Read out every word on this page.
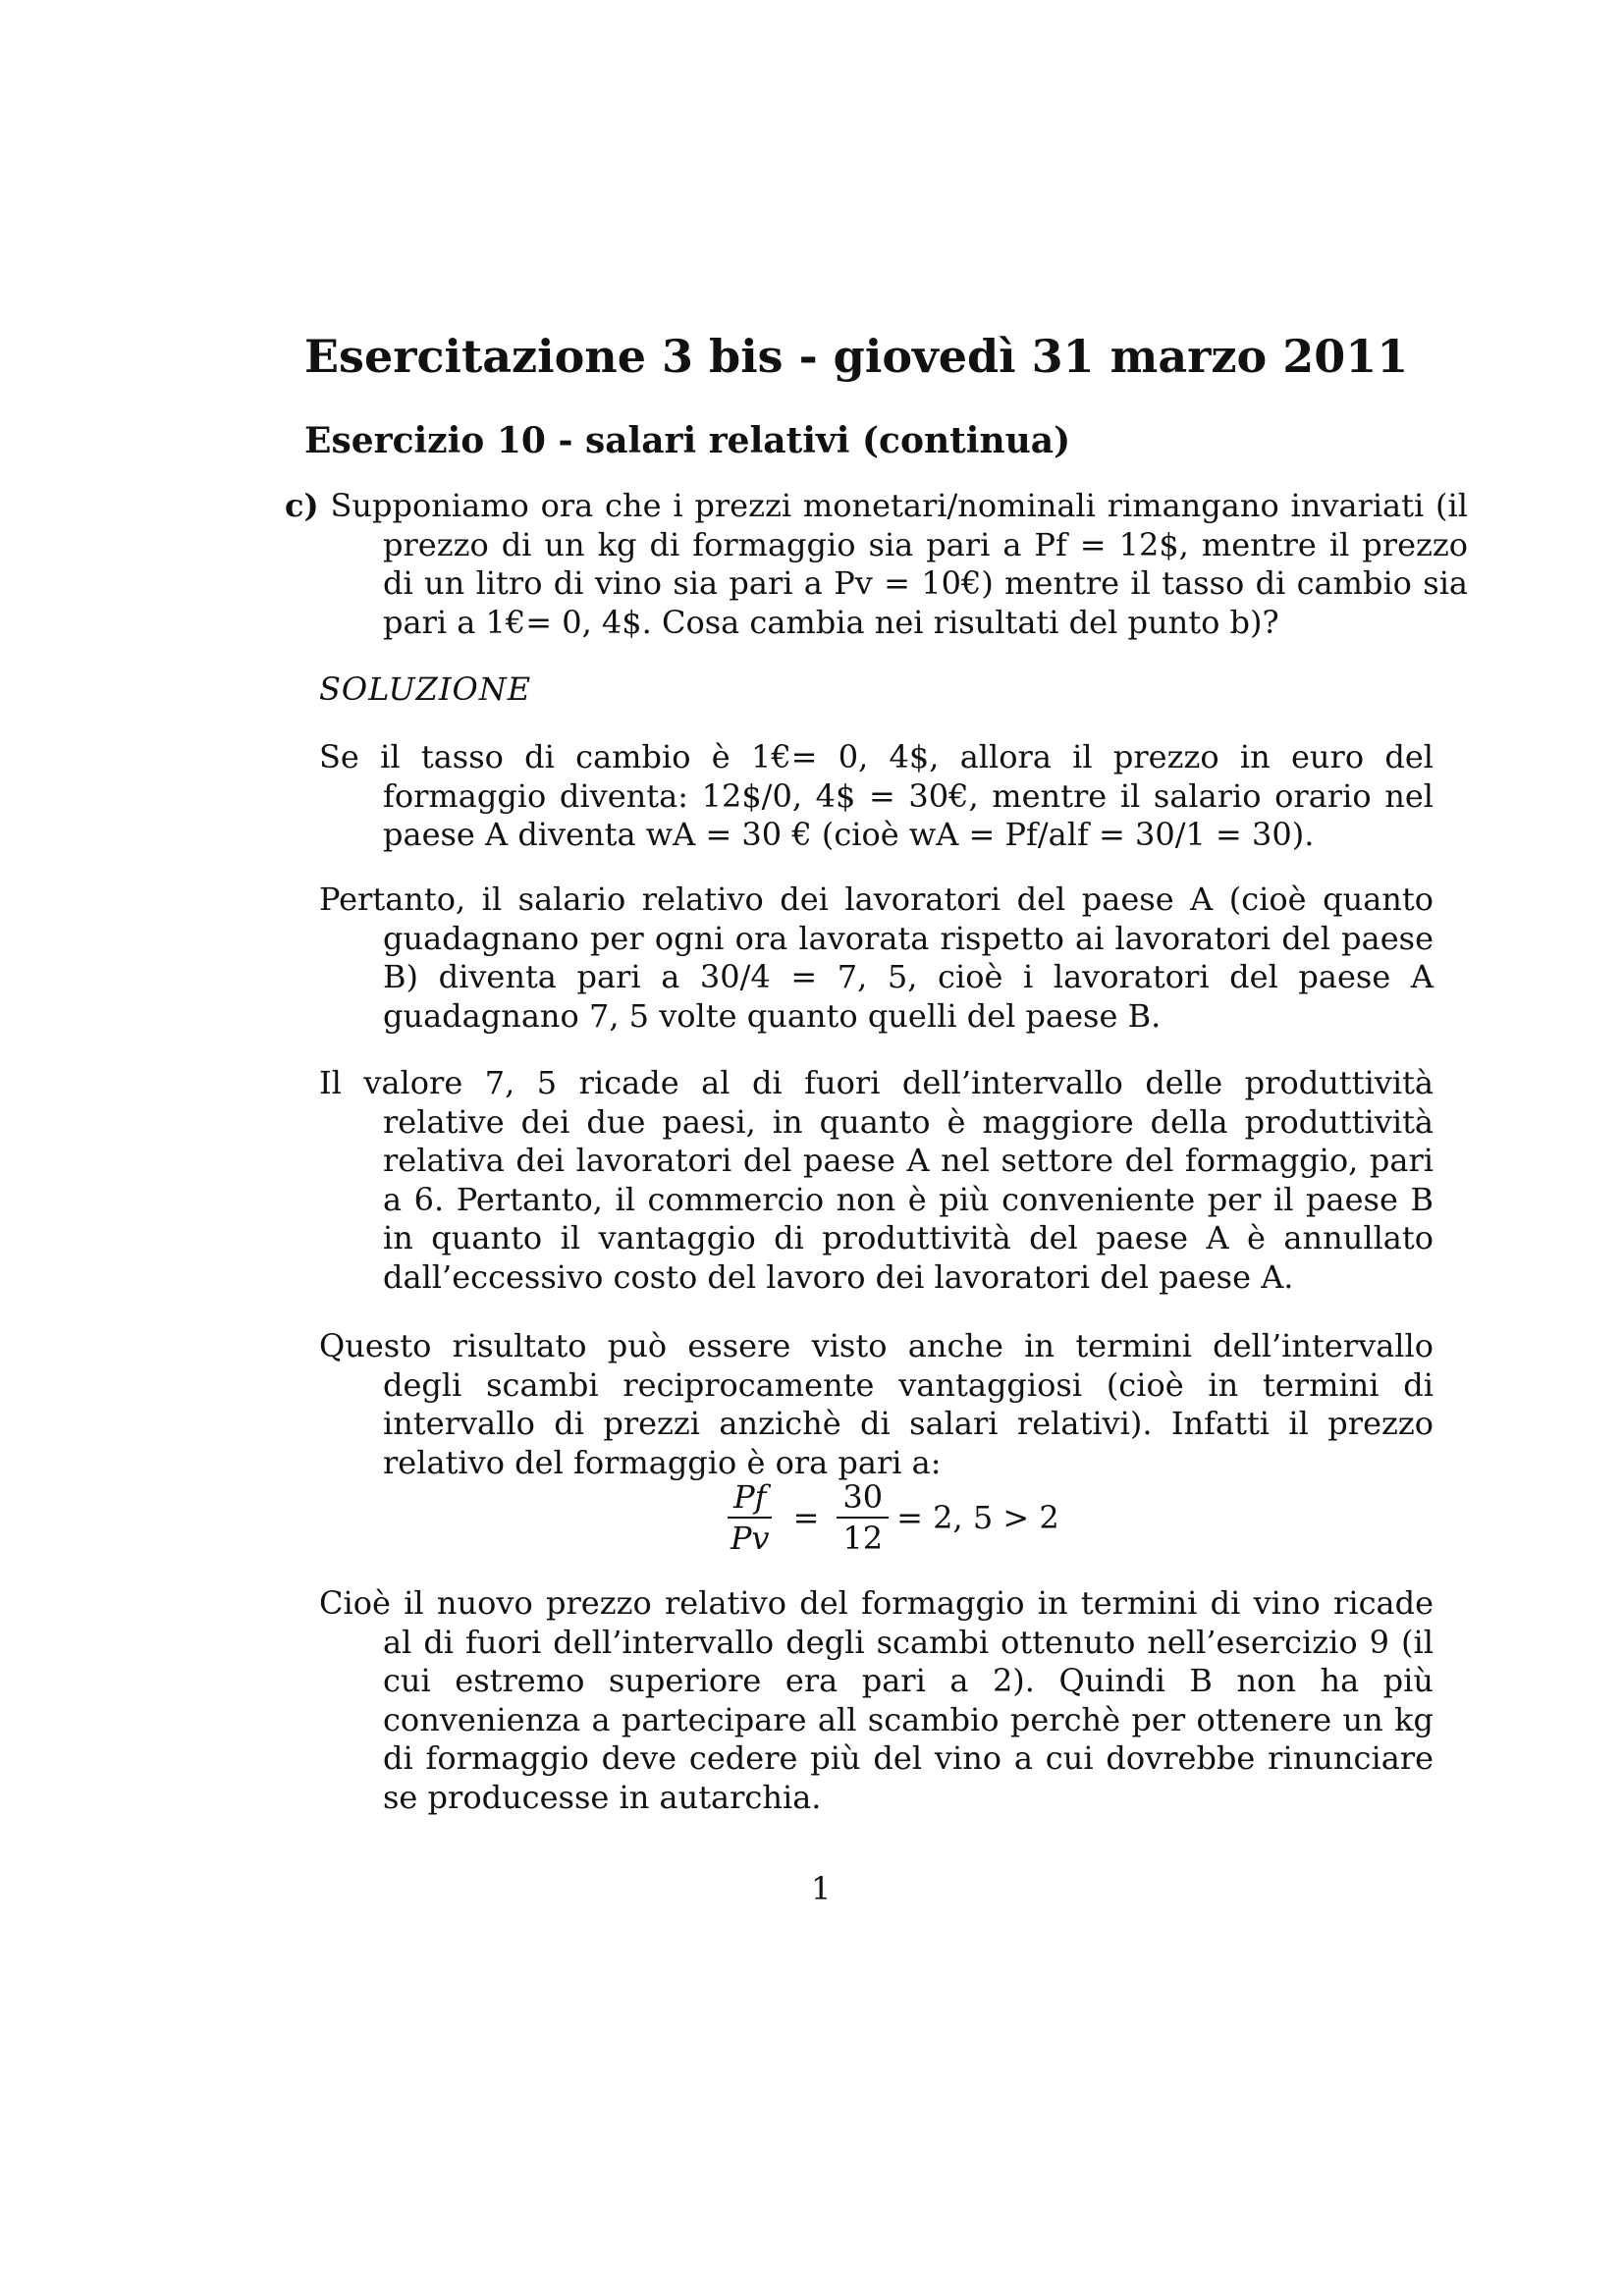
Esercitazione 3 bis - giovedì 31 marzo 2011
Esercizio 10 - salari relativi (continua)
c) Supponiamo ora che i prezzi monetari/nominali rimangano invariati (il prezzo di un kg di formaggio sia pari a Pf = 12$, mentre il prezzo di un litro di vino sia pari a Pv = 10€) mentre il tasso di cambio sia pari a 1€= 0, 4$. Cosa cambia nei risultati del punto b)?
SOLUZIONE
Se il tasso di cambio è 1€= 0, 4$, allora il prezzo in euro del formaggio diventa: 12$/0, 4$ = 30€, mentre il salario orario nel paese A diventa wA = 30 € (cioè wA = Pf/alf = 30/1 = 30).
Pertanto, il salario relativo dei lavoratori del paese A (cioè quanto guadagnano per ogni ora lavorata rispetto ai lavoratori del paese B) diventa pari a 30/4 = 7, 5, cioè i lavoratori del paese A guadagnano 7, 5 volte quanto quelli del paese B.
Il valore 7, 5 ricade al di fuori dell’intervallo delle produttività relative dei due paesi, in quanto è maggiore della produttività relativa dei lavoratori del paese A nel settore del formaggio, pari a 6. Pertanto, il commercio non è più conveniente per il paese B in quanto il vantaggio di produttività del paese A è annullato dall’eccessivo costo del lavoro dei lavoratori del paese A.
Questo risultato può essere visto anche in termini dell’intervallo degli scambi reciprocamente vantaggiosi (cioè in termini di intervallo di prezzi anzichè di salari relativi). Infatti il prezzo relativo del formaggio è ora pari a:
$\frac{Pf}{Pv} = \frac{30}{12} = 2$, 5 > 2
Cioè il nuovo prezzo relativo del formaggio in termini di vino ricade al di fuori dell’intervallo degli scambi ottenuto nell’esercizio 9 (il cui estremo superiore era pari a 2). Quindi B non ha più convenienza a partecipare all scambio perchè per ottenere un kg di formaggio deve cedere più del vino a cui dovrebbe rinunciare se producesse in autarchia.
1
